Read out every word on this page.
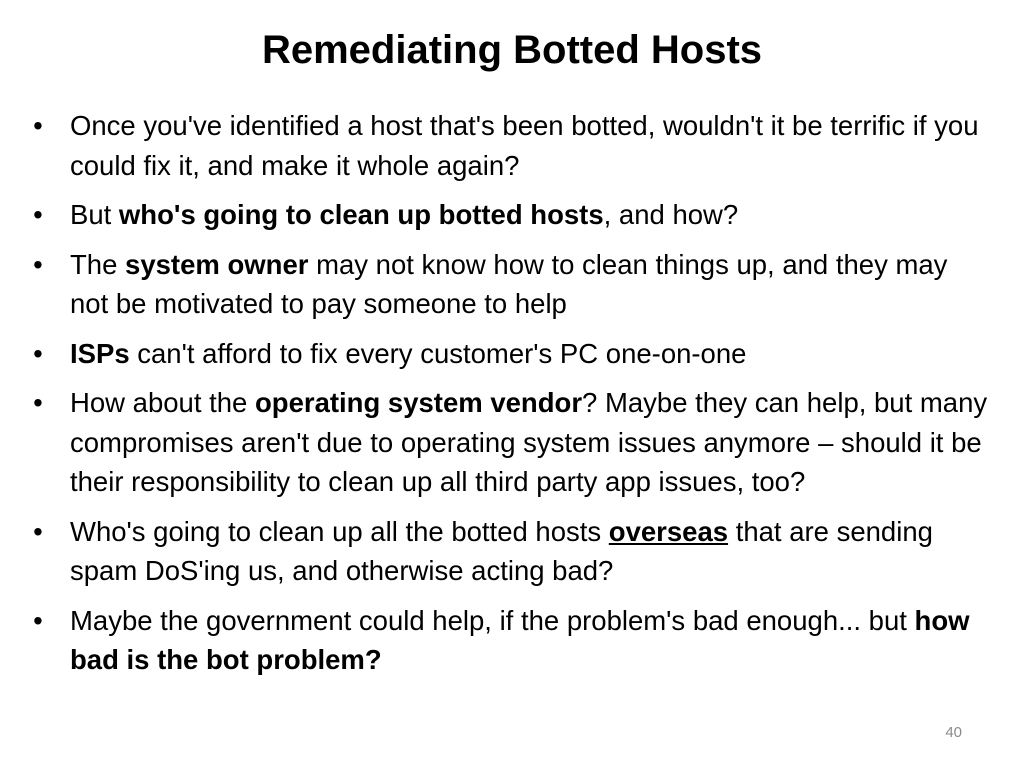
Remediating Botted Hosts
• Once you've identified a host that's been botted, wouldn't it be terrific if you could fix it, and make it whole again?
• But who's going to clean up botted hosts, and how?
• The system owner may not know how to clean things up, and they may not be motivated to pay someone to help
• ISPs can't afford to fix every customer's PC one-on-one
• How about the operating system vendor? Maybe they can help, but many compromises aren't due to operating system issues anymore – should it be their responsibility to clean up all third party app issues, too?
• Who's going to clean up all the botted hosts overseas that are sending spam DoS'ing us, and otherwise acting bad?
• Maybe the government could help, if the problem's bad enough... but how bad is the bot problem?
40
